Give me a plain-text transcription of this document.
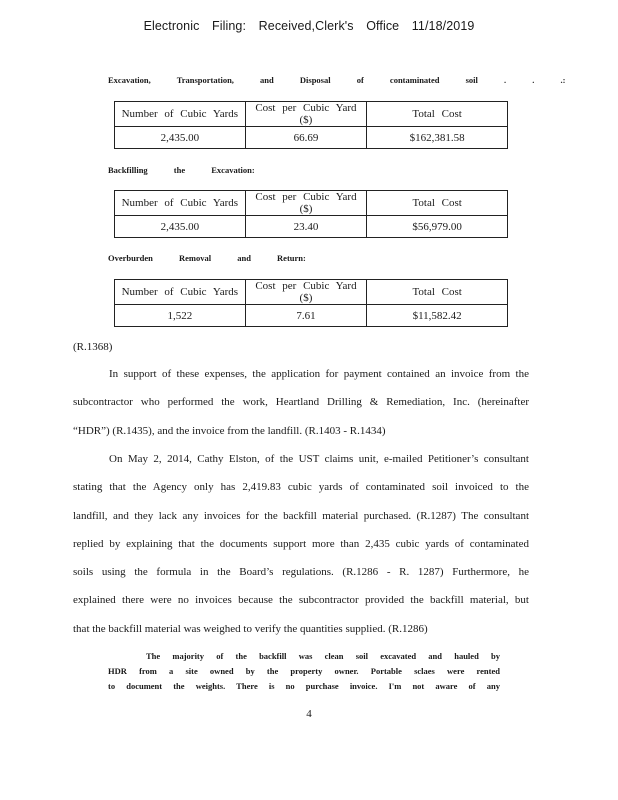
Electronic Filing: Received,Clerk's Office 11/18/2019
Excavation, Transportation, and Disposal of contaminated soil . . .:
Number of Cubic Yards	Cost per Cubic Yard ($)	Total Cost
2,435.00	66.69	$162,381.58
Backfilling the Excavation:
Number of Cubic Yards	Cost per Cubic Yard ($)	Total Cost
2,435.00	23.40	$56,979.00
Overburden Removal and Return:
Number of Cubic Yards	Cost per Cubic Yard ($)	Total Cost
1,522	7.61	$11,582.42
(R.1368)
In support of these expenses, the application for payment contained an invoice from the
subcontractor who performed the work, Heartland Drilling & Remediation, Inc. (hereinafter
“HDR”) (R.1435), and the invoice from the landfill. (R.1403 - R.1434)
On May 2, 2014, Cathy Elston, of the UST claims unit, e-mailed Petitioner’s consultant
stating that the Agency only has 2,419.83 cubic yards of contaminated soil invoiced to the
landfill, and they lack any invoices for the backfill material purchased. (R.1287) The consultant
replied by explaining that the documents support more than 2,435 cubic yards of contaminated
soils using the formula in the Board’s regulations. (R.1286 - R. 1287) Furthermore, he
explained there were no invoices because the subcontractor provided the backfill material, but
that the backfill material was weighed to verify the quantities supplied. (R.1286)
The majority of the backfill was clean soil excavated and hauled by
HDR from a site owned by the property owner. Portable sclaes were rented
to document the weights. There is no purchase invoice. I'm not aware of any
4
